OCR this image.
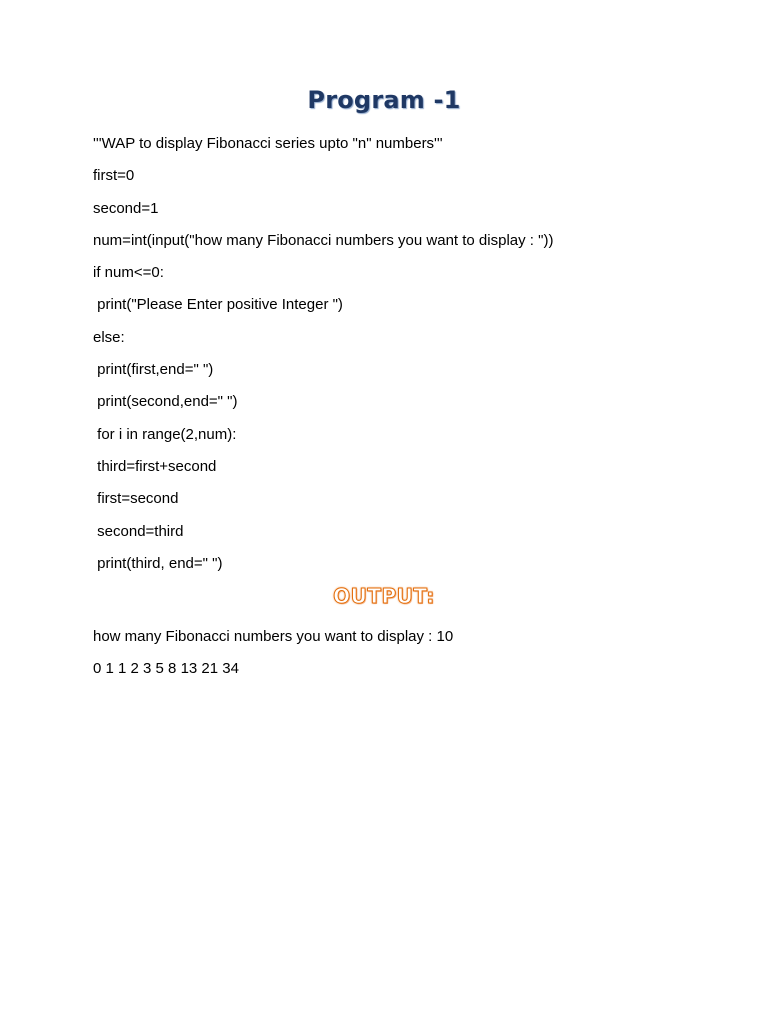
Program -1
'''WAP to display Fibonacci series upto "n" numbers'''
first=0
second=1
num=int(input("how many Fibonacci numbers you want to display : "))
if num<=0:
print("Please Enter positive Integer ")
else:
print(first,end=" ")
print(second,end=" ")
for i in range(2,num):
third=first+second
first=second
second=third
print(third, end=" ")
OUTPUT:
how many Fibonacci numbers you want to display : 10
0 1 1 2 3 5 8 13 21 34
